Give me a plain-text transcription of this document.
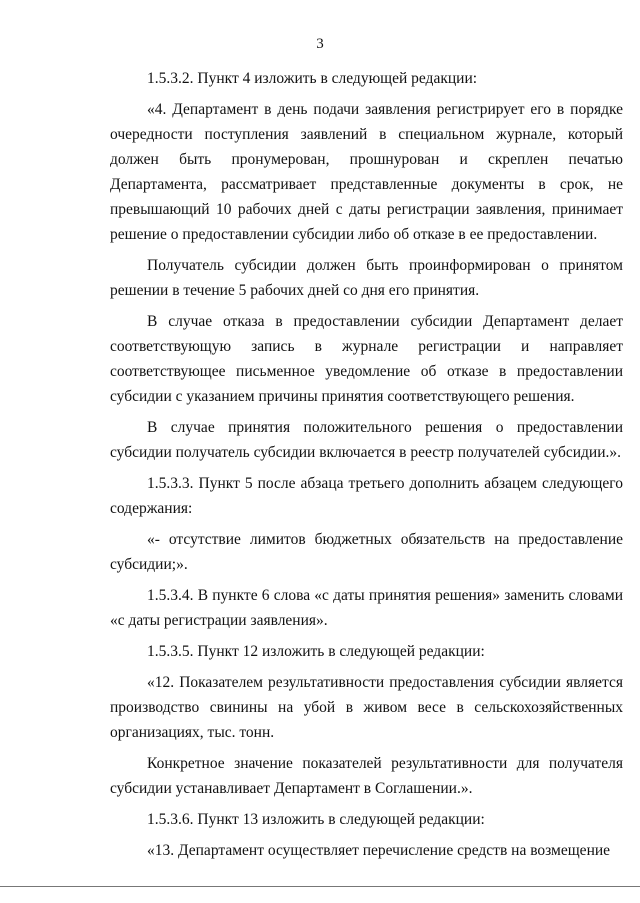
3

1.5.3.2. Пункт 4 изложить в следующей редакции:

«4. Департамент в день подачи заявления регистрирует его в порядке очередности поступления заявлений в специальном журнале, который должен быть пронумерован, прошнурован и скреплен печатью Департамента, рассматривает представленные документы в срок, не превышающий 10 рабочих дней с даты регистрации заявления, принимает решение о предоставлении субсидии либо об отказе в ее предоставлении.

Получатель субсидии должен быть проинформирован о принятом решении в течение 5 рабочих дней со дня его принятия.

В случае отказа в предоставлении субсидии Департамент делает соответствующую запись в журнале регистрации и направляет соответствующее письменное уведомление об отказе в предоставлении субсидии с указанием причины принятия соответствующего решения.

В случае принятия положительного решения о предоставлении субсидии получатель субсидии включается в реестр получателей субсидии.».

1.5.3.3. Пункт 5 после абзаца третьего дополнить абзацем следующего содержания:

«- отсутствие лимитов бюджетных обязательств на предоставление субсидии;».

1.5.3.4. В пункте 6 слова «с даты принятия решения» заменить словами «с даты регистрации заявления».

1.5.3.5. Пункт 12 изложить в следующей редакции:

«12. Показателем результативности предоставления субсидии является производство свинины на убой в живом весе в сельскохозяйственных организациях, тыс. тонн.

Конкретное значение показателей результативности для получателя субсидии устанавливает Департамент в Соглашении.».

1.5.3.6. Пункт 13 изложить в следующей редакции:

«13. Департамент осуществляет перечисление средств на возмещение
